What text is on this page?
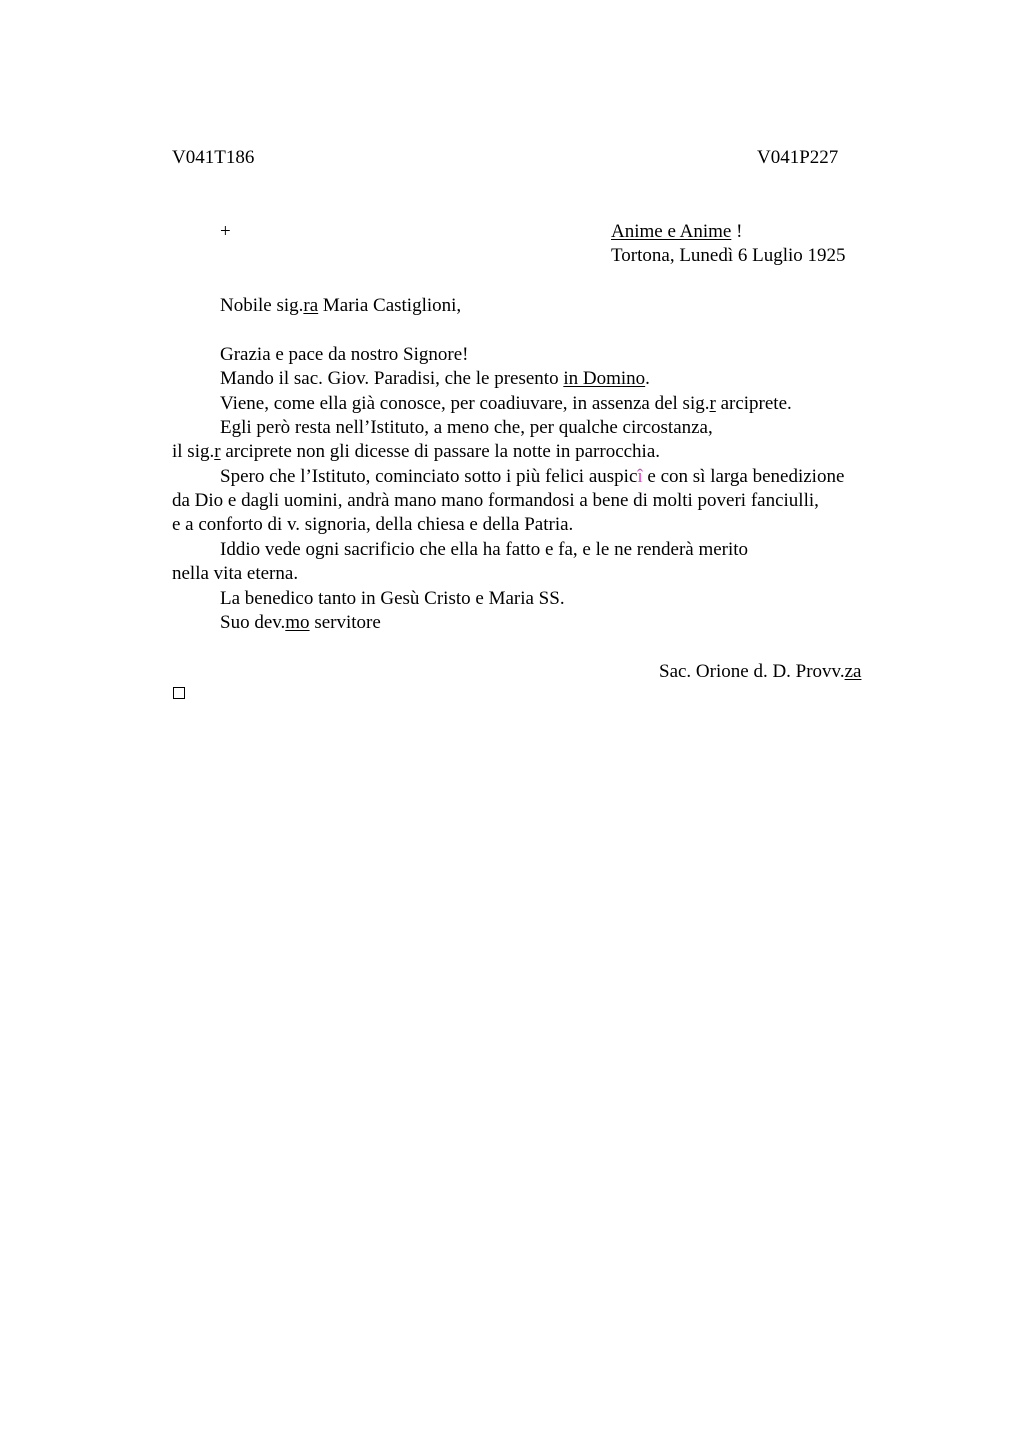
V041T186	V041P227

+	Anime e Anime !

Tortona, Lunedì 6 Luglio 1925

Nobile sig.ra Maria Castiglioni,

Grazia e pace da nostro Signore!

Mando il sac. Giov. Paradisi, che le presento in Domino.

Viene, come ella già conosce, per coadiuvare, in assenza del sig.r arciprete.

Egli però resta nell’Istituto, a meno che, per qualche circostanza,

il sig.r arciprete non gli dicesse di passare la notte in parrocchia.

Spero che l’Istituto, cominciato sotto i più felici auspicî e con sì larga benedizione

da Dio e dagli uomini, andrà mano mano formandosi a bene di molti poveri fanciulli,

e a conforto di v. signoria, della chiesa e della Patria.

Iddio vede ogni sacrificio che ella ha fatto e fa, e le ne renderà merito

nella vita eterna.

La benedico tanto in Gesù Cristo e Maria SS.

Suo dev.mo servitore

Sac. Orione d. D. Provv.za
